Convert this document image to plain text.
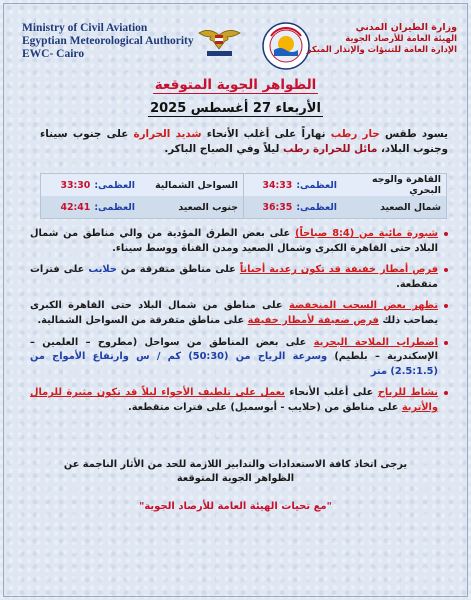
Ministry of Civil Aviation
Egyptian Meteorological Authority
EWC- Cairo
وزارة الطيران المدني
الهيئة العامة للأرصاد الجوية
الإدارة العامة للتنبؤات والإنذار المبكر
الظواهر الجوية المتوقعة
الأربعاء 27 أغسطس 2025
يسود طقس حار رطب نهاراً على أغلب الأنحاء شديد الحرارة على جنوب سيناء وجنوب البلاد، مائل للحرارة رطب ليلاً وفي الصباح الباكر.
القاهرة والوجه البحري
العظمى:
34:33
السواحل الشمالية
العظمى:
33:30
شمال الصعيد
العظمى:
36:35
جنوب الصعيد
العظمى:
42:41
شبورة مائية من (8:4 صباحاً) على بعض الطرق المؤدية من والي مناطق من شمال البلاد حتى القاهرة الكبرى وشمال الصعيد ومدن القناة ووسط سيناء.
فرص أمطار خفيفة قد تكون رعدية أحياناً على مناطق متفرقة من حلايب على فترات متقطعة.
تظهر بعض السحب المنخفضة على مناطق من شمال البلاد حتى القاهرة الكبرى يصاحب ذلك فرص ضعيفة لأمطار خفيفة على مناطق متفرقة من السواحل الشمالية.
اضطراب الملاحة البحرية على بعض المناطق من سواحل (مطروح – العلمين – الإسكندرية – بلطيم) وسرعة الرياح من (50:30) كم / س وارتفاع الأمواج من (2.5:1.5) متر
نشاط للرياح على أغلب الأنحاء يعمل على تلطيف الأجواء ليلاً قد تكون مثيرة للرمال والأتربة على مناطق من (حلايب - أبوسمبل) على فترات متقطعة.
يرجى اتخاذ كافة الاستعدادات والتدابير اللازمة للحد من الأثار الناجمة عن
الظواهر الجوية المتوقعة
"مع تحيات الهيئة العامة للأرصاد الجوية"
